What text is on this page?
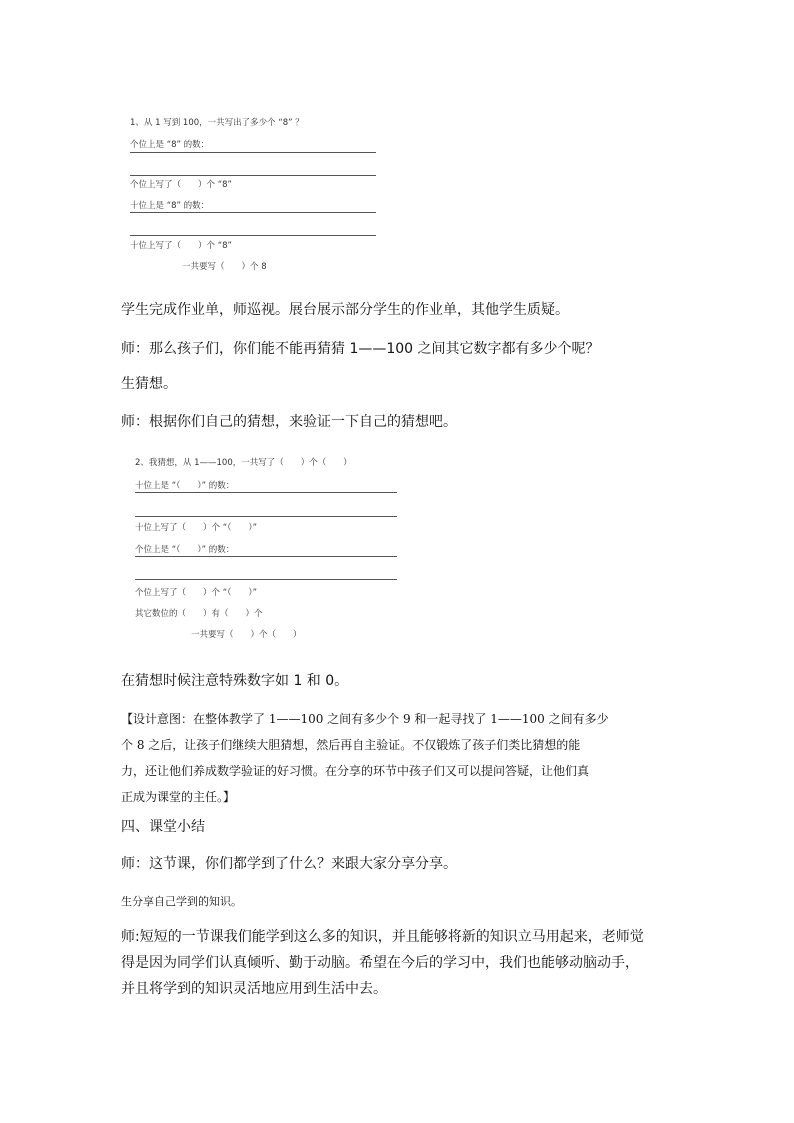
1、从 1 写到 100，一共写出了多少个 “8” ？
个位上是 “8” 的数：
个位上写了（　　）个 “8”
十位上是 “8” 的数：
十位上写了（　　）个 “8”
一共要写（　　）个 8
学生完成作业单，师巡视。展台展示部分学生的作业单，其他学生质疑。
师：那么孩子们，你们能不能再猜猜 1——100 之间其它数字都有多少个呢？
生猜想。
师：根据你们自己的猜想，来验证一下自己的猜想吧。
2、我猜想，从 1——100，一共写了（　　）个（　　）
十位上是 “（　　）” 的数：
十位上写了（　　）个 “（　　）”
个位上是 “（　　）” 的数：
个位上写了（　　）个 “（　　）”
其它数位的（　　）有（　　）个
一共要写（　　）个（　　）
在猜想时候注意特殊数字如 1 和 0。
【设计意图：在整体教学了 1——100 之间有多少个 9 和一起寻找了 1——100 之间有多少
个 8 之后，让孩子们继续大胆猜想，然后再自主验证。不仅锻炼了孩子们类比猜想的能
力，还让他们养成数学验证的好习惯。在分享的环节中孩子们又可以提问答疑，让他们真
正成为课堂的主任。】
四、课堂小结
师：这节课，你们都学到了什么？来跟大家分享分享。
生分享自己学到的知识。
师:短短的一节课我们能学到这么多的知识，并且能够将新的知识立马用起来，老师觉
得是因为同学们认真倾听、勤于动脑。希望在今后的学习中，我们也能够动脑动手，
并且将学到的知识灵活地应用到生活中去。
